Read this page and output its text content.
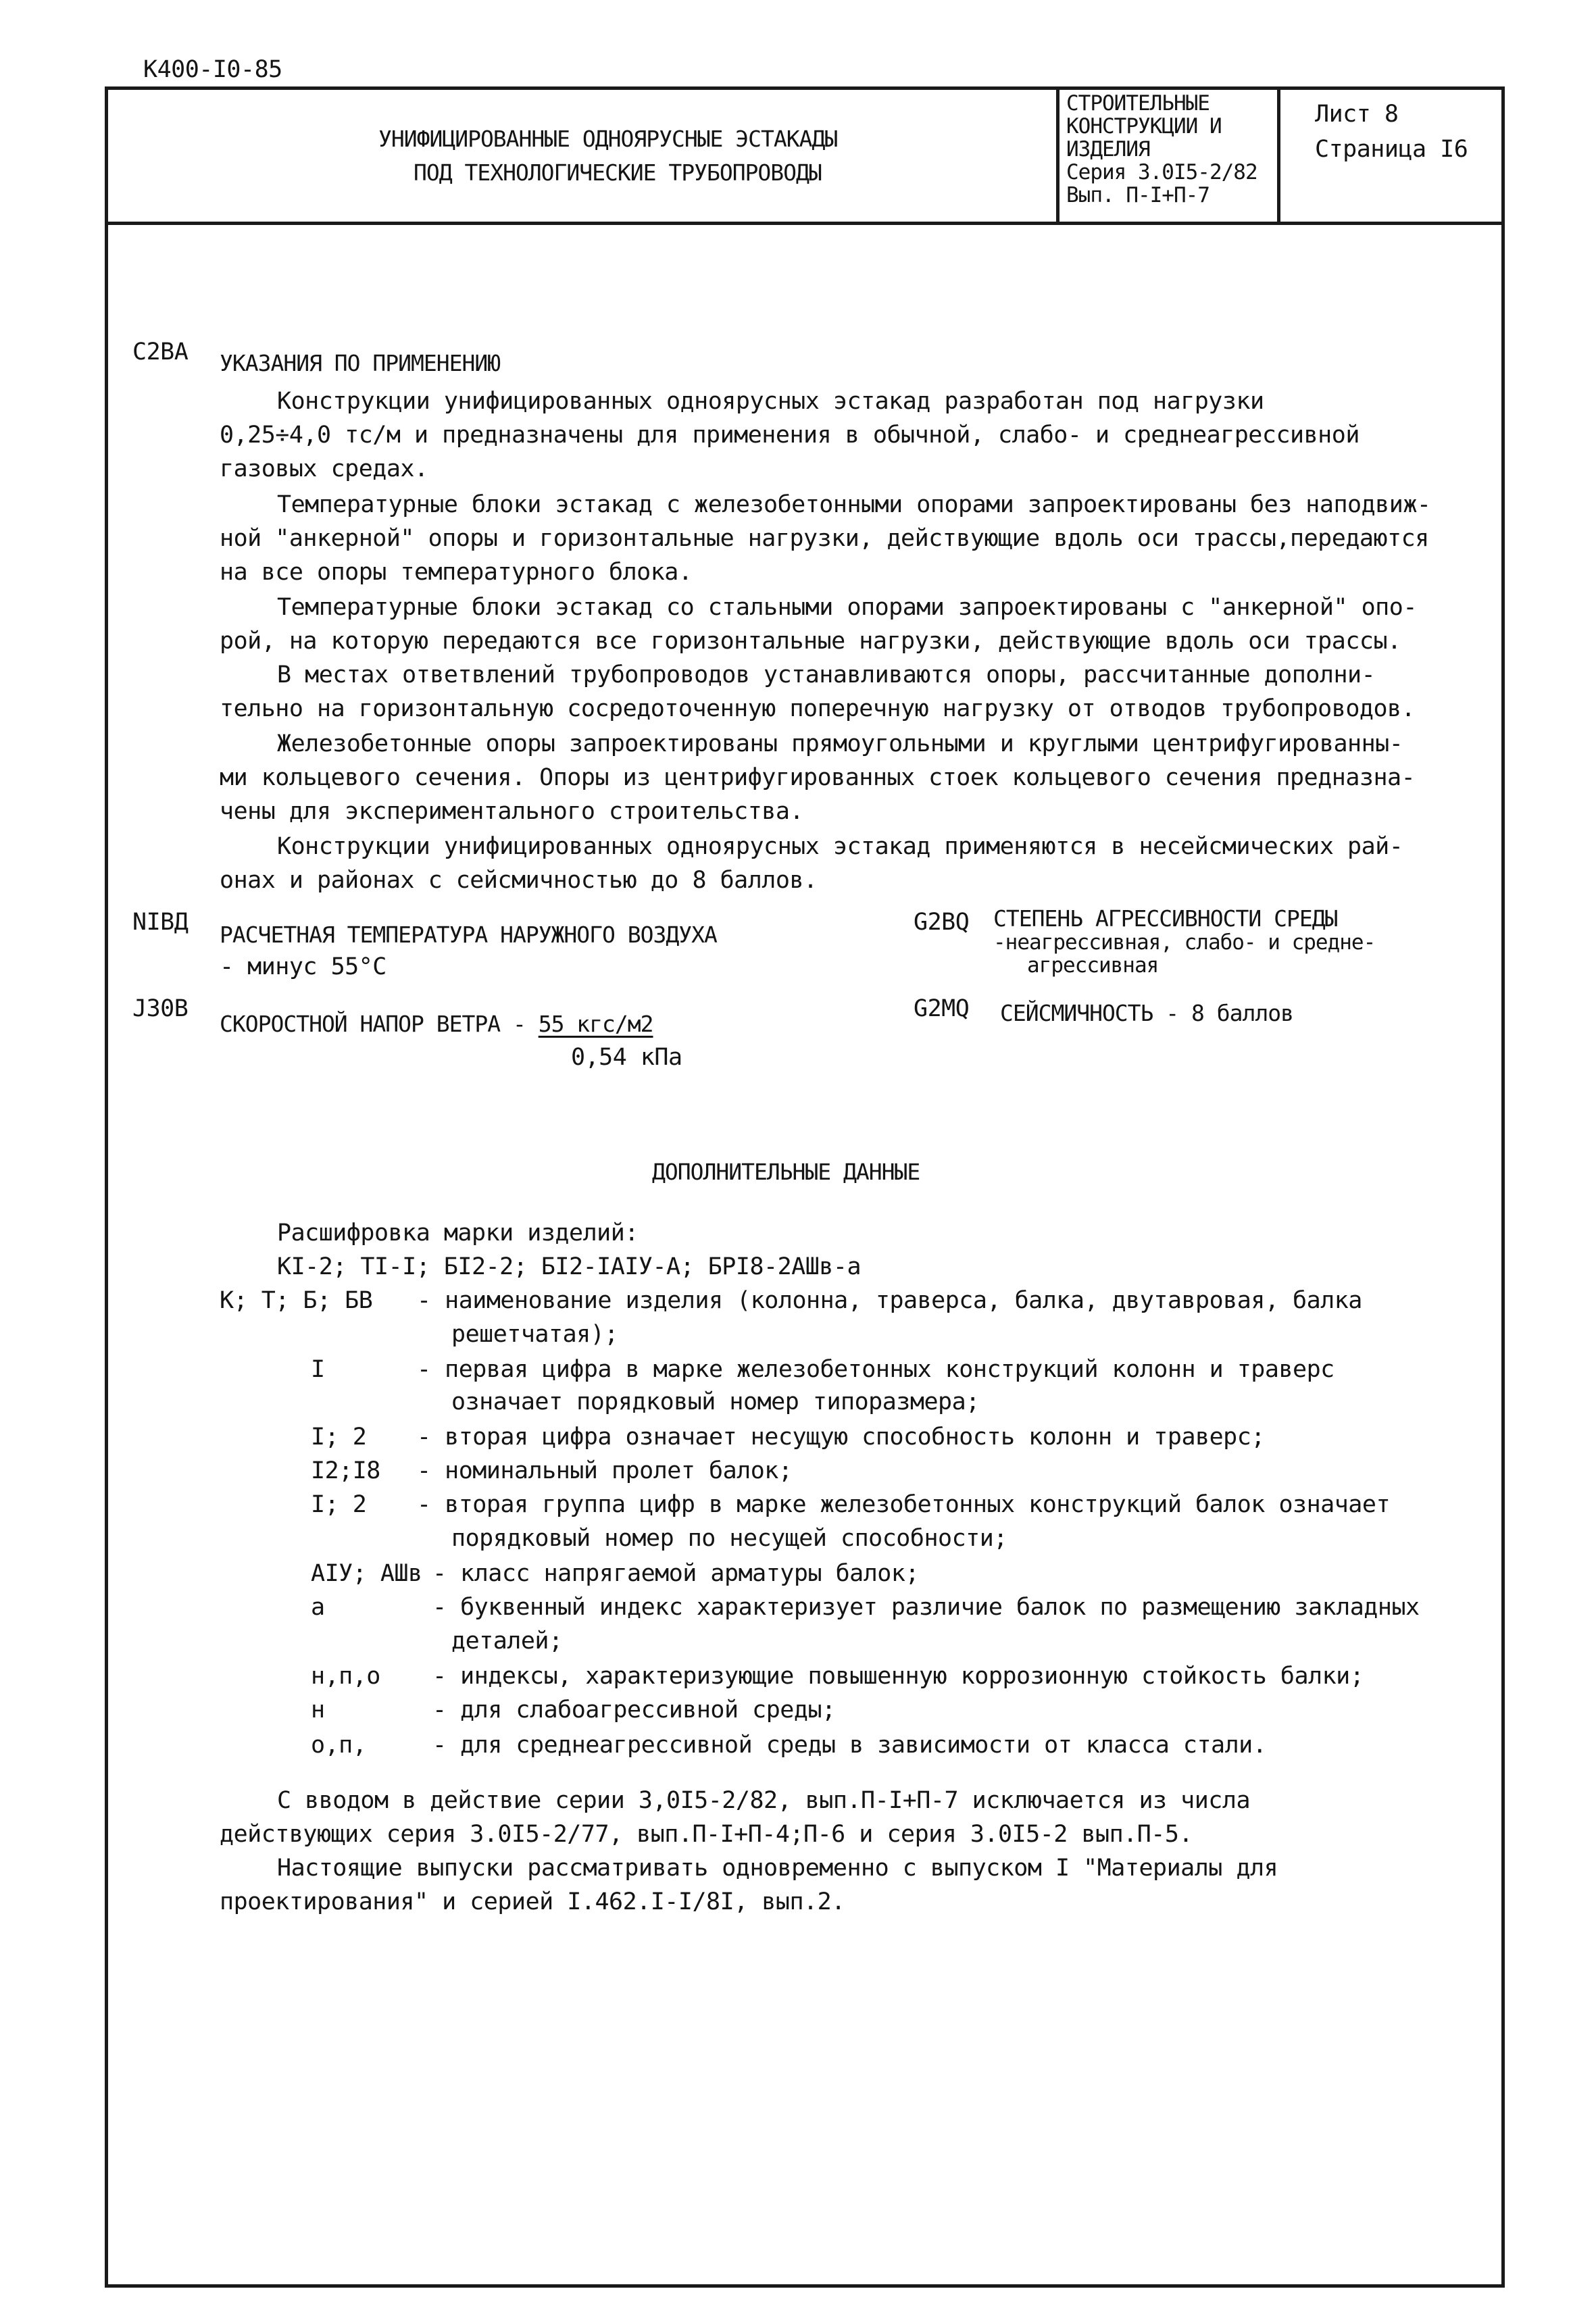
К400-I0-85
УНИФИЦИРОВАННЫЕ ОДНОЯРУСНЫЕ ЭСТАКАДЫ
ПОД ТЕХНОЛОГИЧЕСКИЕ ТРУБОПРОВОДЫ
СТРОИТЕЛЬНЫЕ
КОНСТРУКЦИИ И
ИЗДЕЛИЯ
Серия 3.0I5-2/82
Вып. П-I+П-7
Лист 8
Страница I6
С2ВА УКАЗАНИЯ ПО ПРИМЕНЕНИЮ
Конструкции унифицированных одноярусных эстакад разработан под нагрузки
0,25÷4,0 тс/м и предназначены для применения в обычной, слабо- и среднеагрессивной
газовых средах.
Температурные блоки эстакад с железобетонными опорами запроектированы без наподвиж-
ной "анкерной" опоры и горизонтальные нагрузки, действующие вдоль оси трассы,передаются
на все опоры температурного блока.
Температурные блоки эстакад со стальными опорами запроектированы с "анкерной" опо-
рой, на которую передаются все горизонтальные нагрузки, действующие вдоль оси трассы.
В местах ответвлений трубопроводов устанавливаются опоры, рассчитанные дополни-
тельно на горизонтальную сосредоточенную поперечную нагрузку от отводов трубопроводов.
Железобетонные опоры запроектированы прямоугольными и круглыми центрифугированны-
ми кольцевого сечения. Опоры из центрифугированных стоек кольцевого сечения предназна-
чены для экспериментального строительства.
Конструкции унифицированных одноярусных эстакад применяются в несейсмических рай-
онах и районах с сейсмичностью до 8 баллов.
NIВД РАСЧЕТНАЯ ТЕМПЕРАТУРА НАРУЖНОГО ВОЗДУХА
- минус 55°С
G2ВQ СТЕПЕНЬ АГРЕССИВНОСТИ СРЕДЫ
-неагрессивная, слабо- и средне-
агрессивная
J30В
СКОРОСТНОЙ НАПОР ВЕТРА - 55 кгс/м2
0,54 кПа
G2МQ СЕЙСМИЧНОСТЬ - 8 баллов
ДОПОЛНИТЕЛЬНЫЕ ДАННЫЕ
Расшифровка марки изделий:
КI-2; ТI-I; БI2-2; БI2-IАIУ-А; БРI8-2АШв-а
К; Т; Б; БВ - наименование изделия (колонна, траверса, балка, двутавровая, балка
решетчатая);
I	- первая цифра в марке железобетонных конструкций колонн и траверс
означает порядковый номер типоразмера;
I; 2 - вторая цифра означает несущую способность колонн и траверс;
I2;I8 - номинальный пролет балок;
I; 2 - вторая группа цифр в марке железобетонных конструкций балок означает
порядковый номер по несущей способности;
АIУ; АШв - класс напрягаемой арматуры балок;
а	- буквенный индекс характеризует различие балок по размещению закладных
деталей;
н,п,о - индексы, характеризующие повышенную коррозионную стойкость балки;
н	- для слабоагрессивной среды;
о,п,	- для среднеагрессивной среды в зависимости от класса стали.
С вводом в действие серии 3,0I5-2/82, вып.П-I+П-7 исключается из числа
действующих серия 3.0I5-2/77, вып.П-I+П-4;П-6 и серия 3.0I5-2 вып.П-5.
Настоящие выпуски рассматривать одновременно с выпуском I "Материалы для
проектирования" и серией I.462.I-I/8I, вып.2.
